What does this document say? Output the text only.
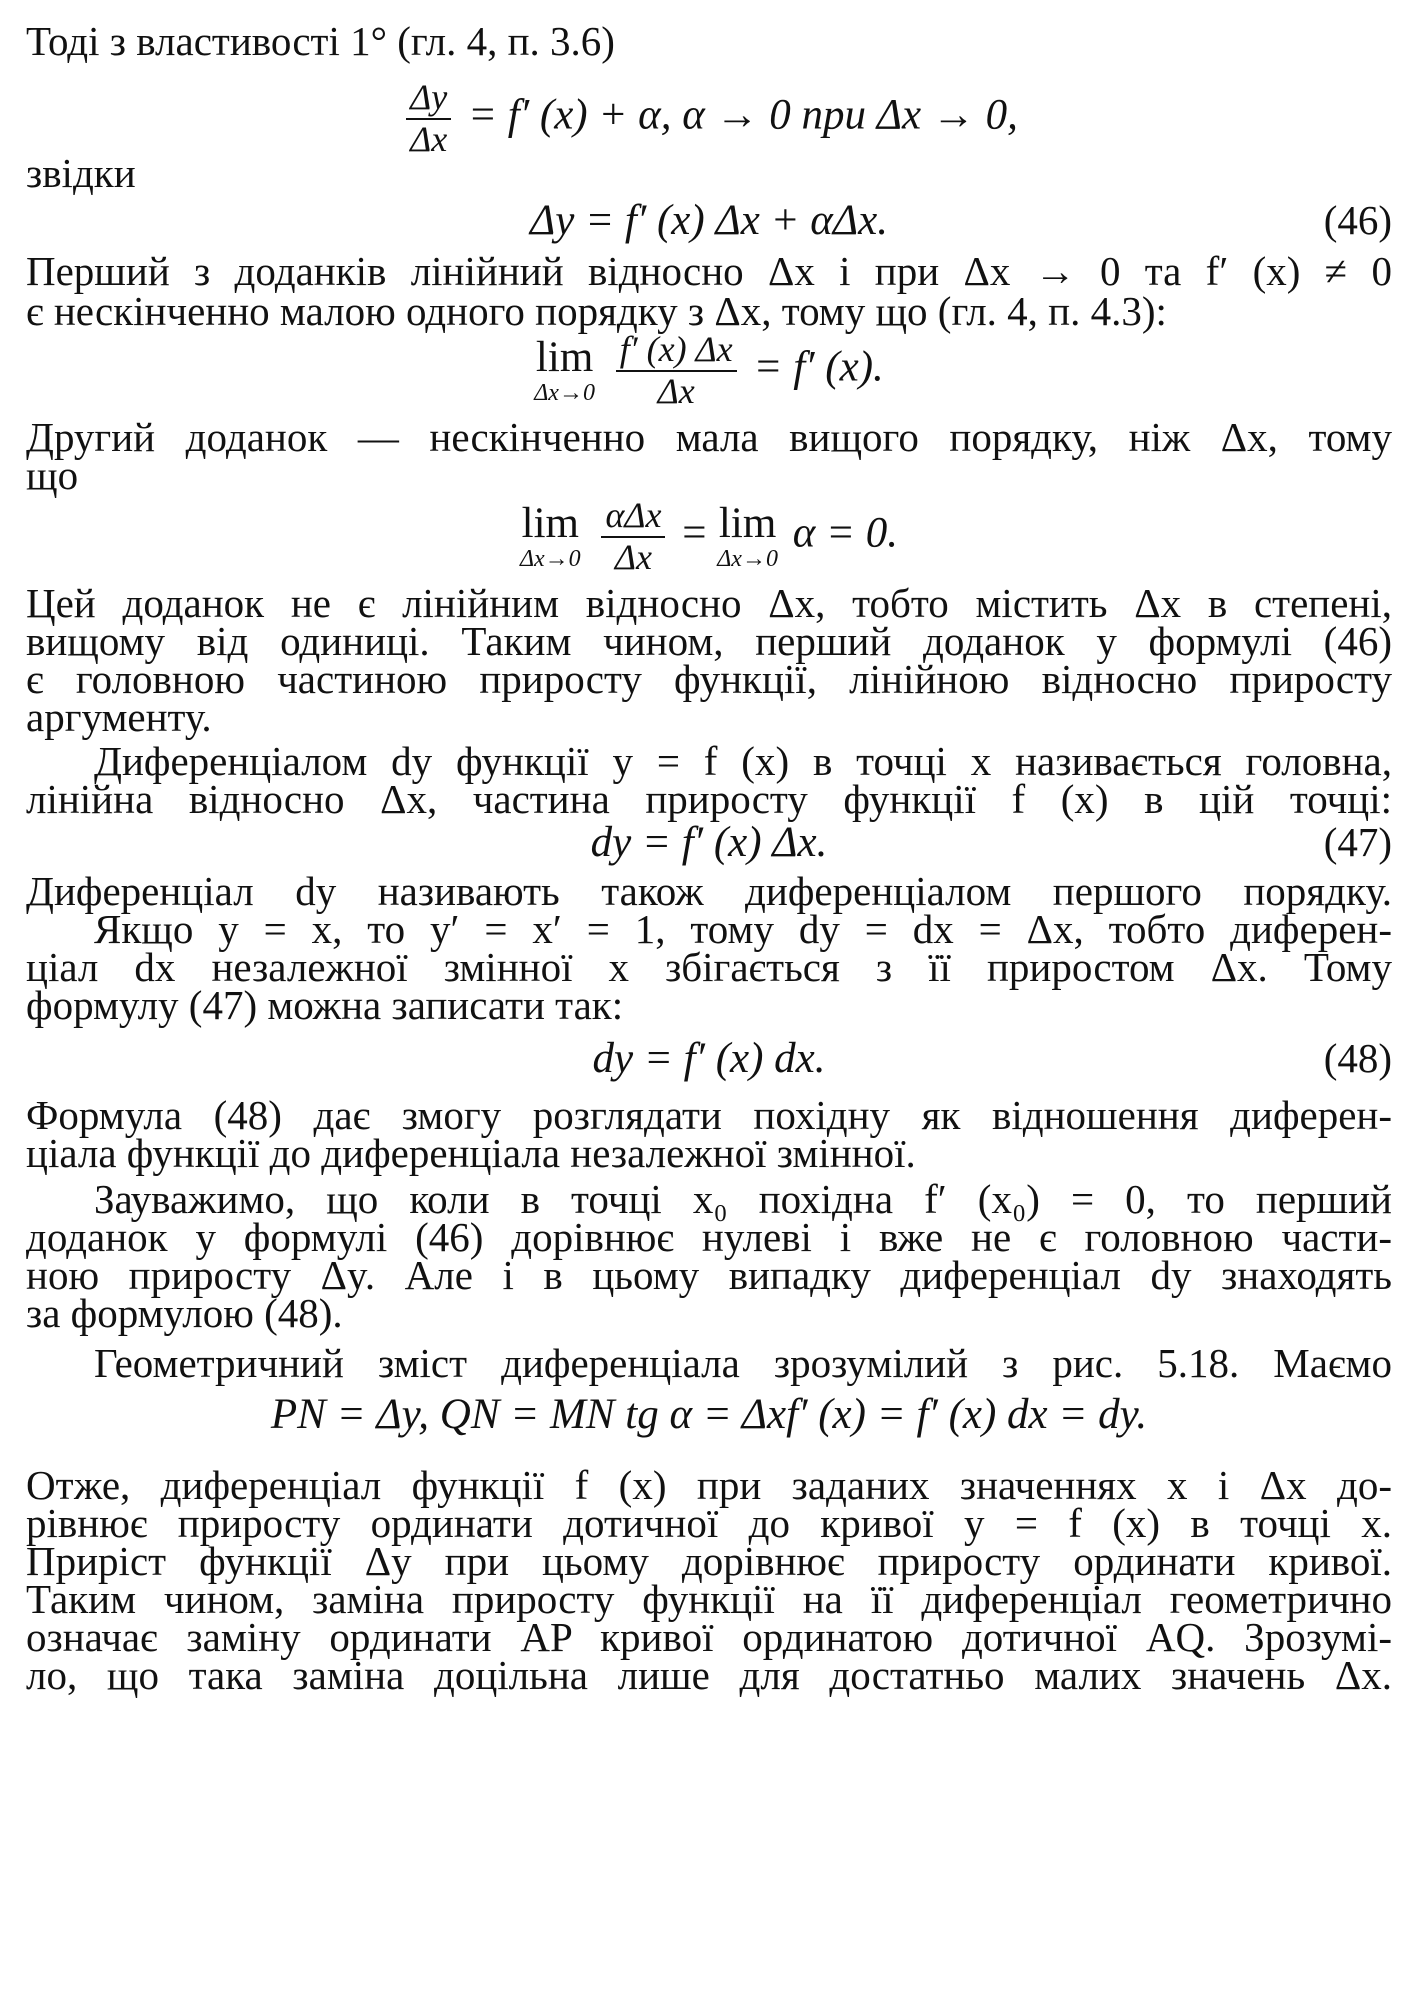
Тоді з властивості 1° (гл. 4, п. 3.6)
$\frac{\Delta y}{\Delta x} = f'$ (x) + α, α → 0 при Δx → 0,
звідки
Δy = f′ (x) Δx + αΔx.	(46)
Перший з доданків лінійний відносно Δx і при Δx → 0 та f′ (x) ≠ 0
є нескінченно малою одного порядку з Δx, тому що (гл. 4, п. 4.3):
lim
Δx→0
$\frac{f' (x) \Delta x}{\Delta x} = f'$ (x).
Другий доданок — нескінченно мала вищого порядку, ніж Δx, тому
що
lim
Δx→0
$\frac{\text{αΔx}}{\Delta x} = \lim$
Δx→0
α = 0.
Цей доданок не є лінійним відносно Δx, тобто містить Δx в степені,
вищому від одиниці. Таким чином, перший доданок у формулі (46)
є головною частиною приросту функції, лінійною відносно приросту
аргументу.
Диференціалом dy функції y = f (x) в точці x називається головна,
лінійна відносно Δx, частина приросту функції f (x) в цій точці:
dy = f′ (x) Δx.	(47)
Диференціал dy називають також диференціалом першого порядку.
Якщо y = x, то y′ = x′ = 1, тому dy = dx = Δx, тобто диферен-
ціал dx незалежної змінної x збігається з її приростом Δx. Тому
формулу (47) можна записати так:
dy = f′ (x) dx.	(48)
Формула (48) дає змогу розглядати похідну як відношення диферен-
ціала функції до диференціала незалежної змінної.
Зауважимо, що коли в точці x₀ похідна f′ (x₀) = 0, то перший
доданок у формулі (46) дорівнює нулеві і вже не є головною части-
ною приросту Δy. Але і в цьому випадку диференціал dy знаходять
за формулою (48).
Геометричний зміст диференціала зрозумілий з рис. 5.18. Маємо
PN = Δy, QN = MN tg α = Δxf′ (x) = f′ (x) dx = dy.
Отже, диференціал функції f (x) при заданих значеннях x і Δx до-
рівнює приросту ординати дотичної до кривої y = f (x) в точці x.
Приріст функції Δy при цьому дорівнює приросту ординати кривої.
Таким чином, заміна приросту функції на її диференціал геометрично
означає заміну ординати AP кривої ординатою дотичної AQ. Зрозумі-
ло, що така заміна доцільна лише для достатньо малих значень Δx.
